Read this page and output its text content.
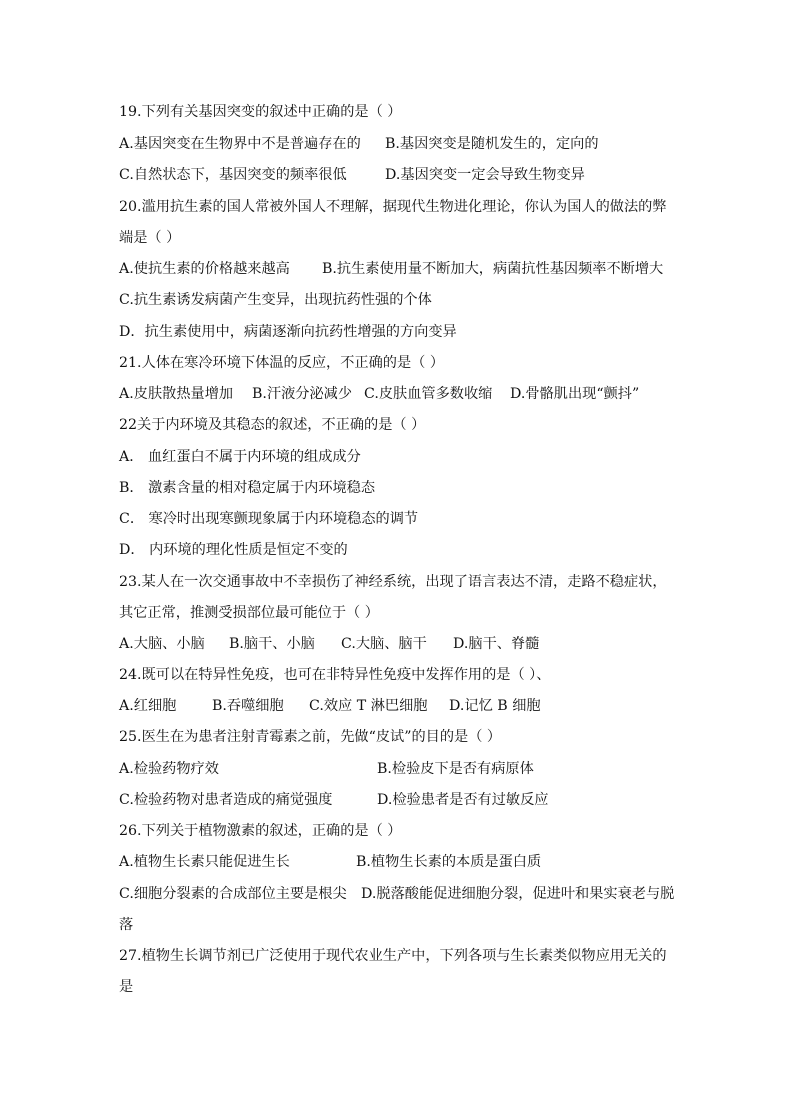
19.下列有关基因突变的叙述中正确的是（ ）
A.基因突变在生物界中不是普遍存在的 B.基因突变是随机发生的，定向的
C.自然状态下，基因突变的频率很低	D.基因突变一定会导致生物变异
20.滥用抗生素的国人常被外国人不理解，据现代生物进化理论，你认为国人的做法的弊
端是（ ）
A.使抗生素的价格越来越高 B.抗生素使用量不断加大，病菌抗性基因频率不断增大
C.抗生素诱发病菌产生变异，出现抗药性强的个体
D．抗生素使用中，病菌逐渐向抗药性增强的方向变异
21.人体在寒冷环境下体温的反应，不正确的是（ ）
A.皮肤散热量增加 B.汗液分泌减少 C.皮肤血管多数收缩 D.骨骼肌出现“颤抖”
22关于内环境及其稳态的叙述，不正确的是（ ）
A． 血红蛋白不属于内环境的组成成分
B． 激素含量的相对稳定属于内环境稳态
C． 寒冷时出现寒颤现象属于内环境稳态的调节
D． 内环境的理化性质是恒定不变的
23.某人在一次交通事故中不幸损伤了神经系统，出现了语言表达不清，走路不稳症状，
其它正常，推测受损部位最可能位于（ ）
A.大脑、小脑 B.脑干、小脑 C.大脑、脑干 D.脑干、脊髓
24.既可以在特异性免疫，也可在非特异性免疫中发挥作用的是（ ）、
A.红细胞	B.吞噬细胞 C.效应 T 淋巴细胞 D.记忆 B 细胞
25.医生在为患者注射青霉素之前，先做“皮试”的目的是（ ）
A.检验药物疗效	B.检验皮下是否有病原体
C.检验药物对患者造成的痛觉强度	D.检验患者是否有过敏反应
26.下列关于植物激素的叙述，正确的是（ ）
A.植物生长素只能促进生长	B.植物生长素的本质是蛋白质
C.细胞分裂素的合成部位主要是根尖 D.脱落酸能促进细胞分裂，促进叶和果实衰老与脱
落
27.植物生长调节剂已广泛使用于现代农业生产中，下列各项与生长素类似物应用无关的
是
